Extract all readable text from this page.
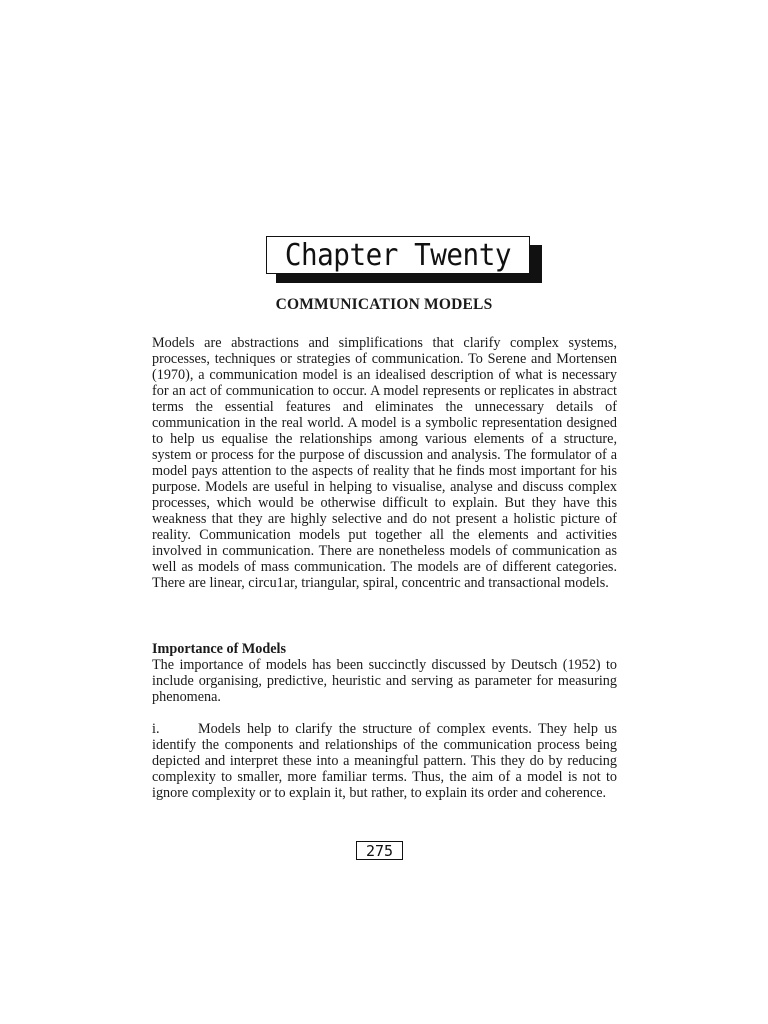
Chapter Twenty
COMMUNICATION MODELS

Models are abstractions and simplifications that clarify complex systems, processes, techniques or strategies of communication. To Serene and Mortensen (1970), a communication model is an idealised description of what is necessary for an act of communication to occur. A model represents or replicates in abstract terms the essential features and eliminates the unnecessary details of communication in the real world. A model is a symbolic representation designed to help us equalise the relationships among various elements of a structure, system or process for the purpose of discussion and analysis. The formulator of a model pays attention to the aspects of reality that he finds most important for his purpose. Models are useful in helping to visualise, analyse and discuss complex processes, which would be otherwise difficult to explain. But they have this weakness that they are highly selective and do not present a holistic picture of reality. Communication models put together all the elements and activities involved in communication. There are nonetheless models of communication as well as models of mass communication. The models are of different categories. There are linear, circu1ar, triangular, spiral, concentric and transactional models.

Importance of Models

The importance of models has been succinctly discussed by Deutsch (1952) to include organising, predictive, heuristic and serving as parameter for measuring phenomena.

i.	Models help to clarify the structure of complex events. They help us identify the components and relationships of the communication process being depicted and interpret these into a meaningful pattern. This they do by reducing complexity to smaller, more familiar terms. Thus, the aim of a model is not to ignore complexity or to explain it, but rather, to explain its order and coherence.

275
